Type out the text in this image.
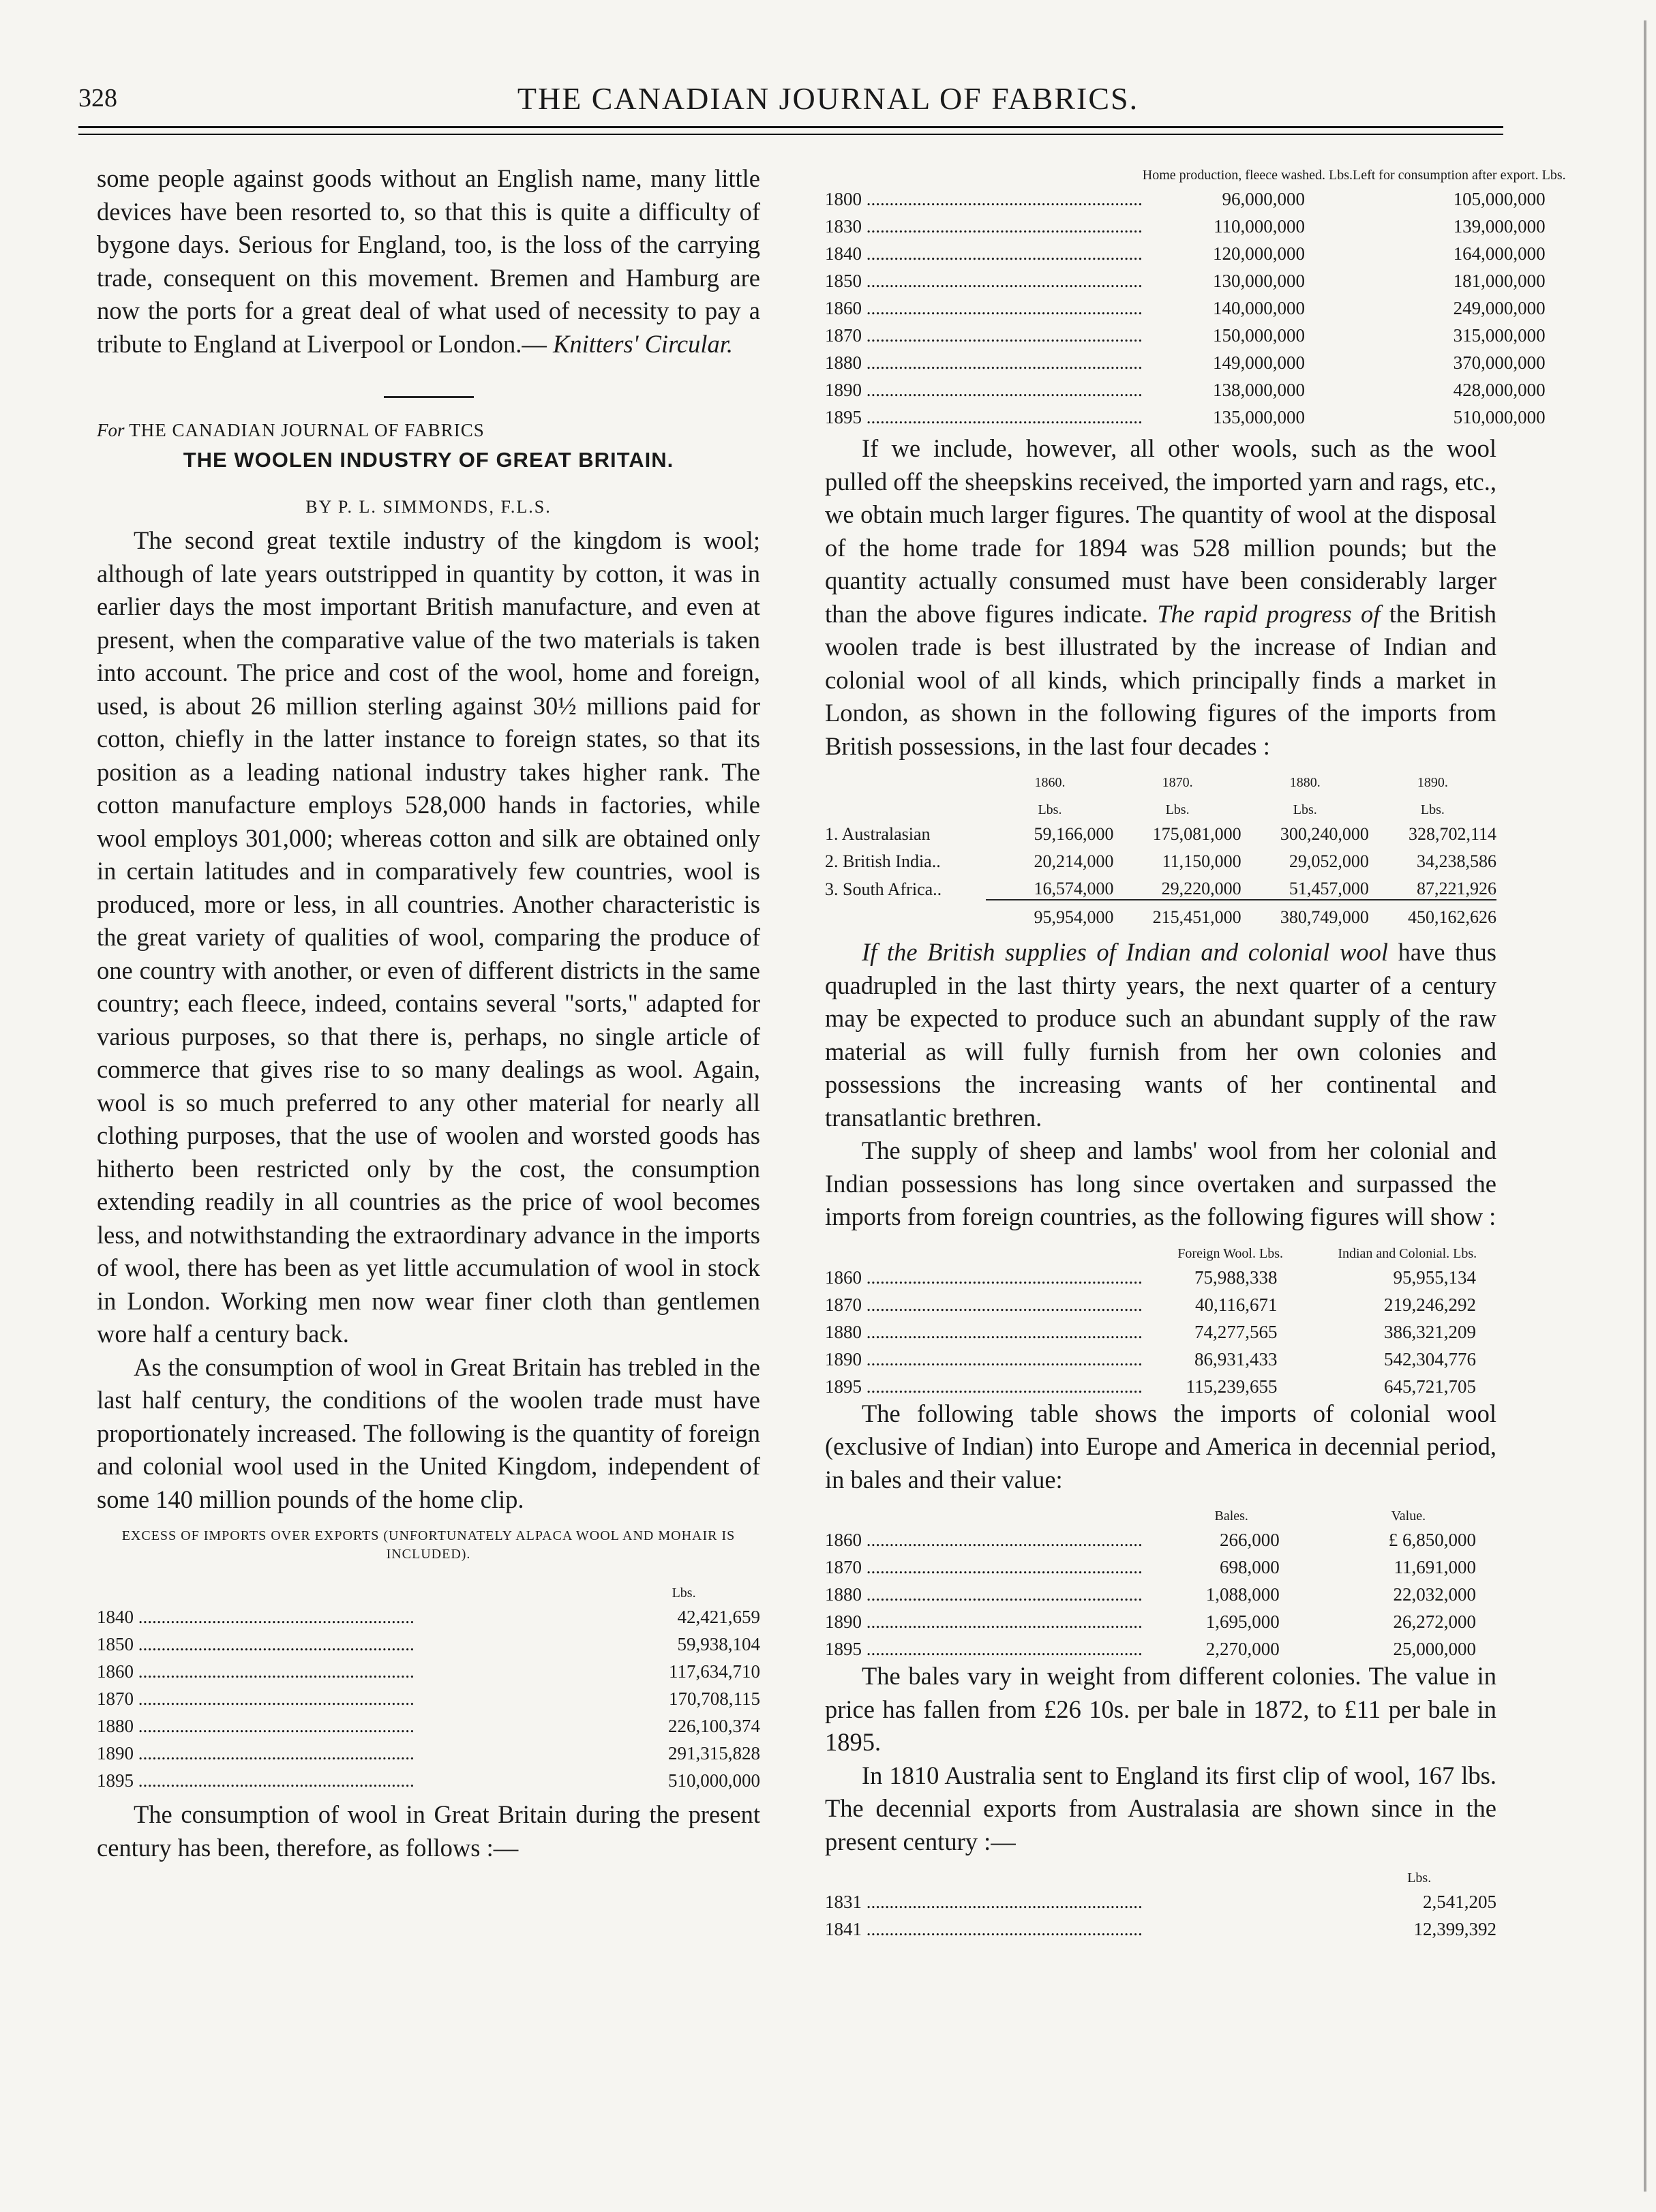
328	THE CANADIAN JOURNAL OF FABRICS.

some people against goods without an English name, many little devices have been resorted to, so that this is quite a difficulty of bygone days. Serious for England, too, is the loss of the carrying trade, consequent on this movement. Bremen and Hamburg are now the ports for a great deal of what used of necessity to pay a tribute to England at Liverpool or London.— Knitters' Circular.

For THE CANADIAN JOURNAL OF FABRICS

THE WOOLEN INDUSTRY OF GREAT BRITAIN.

BY P. L. SIMMONDS, F.L.S.

The second great textile industry of the kingdom is wool; although of late years outstripped in quantity by cotton, it was in earlier days the most important British manufacture, and even at present, when the comparative value of the two materials is taken into account. The price and cost of the wool, home and foreign, used, is about 26 million sterling against 30½ millions paid for cotton, chiefly in the latter instance to foreign states, so that its position as a leading national industry takes higher rank. The cotton manufacture employs 528,000 hands in factories, while wool employs 301,000; whereas cotton and silk are obtained only in certain latitudes and in comparatively few countries, wool is produced, more or less, in all countries. Another characteristic is the great variety of qualities of wool, comparing the produce of one country with another, or even of different districts in the same country; each fleece, indeed, contains several "sorts," adapted for various purposes, so that there is, perhaps, no single article of commerce that gives rise to so many dealings as wool. Again, wool is so much preferred to any other material for nearly all clothing purposes, that the use of woolen and worsted goods has hitherto been restricted only by the cost, the consumption extending readily in all countries as the price of wool becomes less, and notwithstanding the extraordinary advance in the imports of wool, there has been as yet little accumulation of wool in stock in London. Working men now wear finer cloth than gentlemen wore half a century back.

As the consumption of wool in Great Britain has trebled in the last half century, the conditions of the woolen trade must have proportionately increased. The following is the quantity of foreign and colonial wool used in the United Kingdom, independent of some 140 million pounds of the home clip.

EXCESS OF IMPORTS OVER EXPORTS (UNFORTUNATELY ALPACA WOOL AND MOHAIR IS INCLUDED).

	Lbs.
1840 ............................................................	42,421,659
1850 ............................................................	59,938,104
1860 ............................................................	117,634,710
1870 ............................................................	170,708,115
1880 ............................................................	226,100,374
1890 ............................................................	291,315,828
1895 ............................................................	510,000,000

The consumption of wool in Great Britain during the present century has been, therefore, as follows :—

	Home production, fleece washed. Lbs.	Left for consumption after export. Lbs.
1800 ............................................................	96,000,000	105,000,000
1830 ............................................................	110,000,000	139,000,000
1840 ............................................................	120,000,000	164,000,000
1850 ............................................................	130,000,000	181,000,000
1860 ............................................................	140,000,000	249,000,000
1870 ............................................................	150,000,000	315,000,000
1880 ............................................................	149,000,000	370,000,000
1890 ............................................................	138,000,000	428,000,000
1895 ............................................................	135,000,000	510,000,000

If we include, however, all other wools, such as the wool pulled off the sheepskins received, the imported yarn and rags, etc., we obtain much larger figures. The quantity of wool at the disposal of the home trade for 1894 was 528 million pounds; but the quantity actually consumed must have been considerably larger than the above figures indicate. The rapid progress of the British woolen trade is best illustrated by the increase of Indian and colonial wool of all kinds, which principally finds a market in London, as shown in the following figures of the imports from British possessions, in the last four decades :

	1860.	1870.	1880.	1890.
	Lbs.	Lbs.	Lbs.	Lbs.
1. Australasian	59,166,000	175,081,000	300,240,000	328,702,114
2. British India..	20,214,000	11,150,000	29,052,000	34,238,586
3. South Africa..	16,574,000	29,220,000	51,457,000	87,221,926
	95,954,000	215,451,000	380,749,000	450,162,626

If the British supplies of Indian and colonial wool have thus quadrupled in the last thirty years, the next quarter of a century may be expected to produce such an abundant supply of the raw material as will fully furnish from her own colonies and possessions the increasing wants of her continental and transatlantic brethren.

The supply of sheep and lambs' wool from her colonial and Indian possessions has long since overtaken and surpassed the imports from foreign countries, as the following figures will show :

	Foreign Wool. Lbs.	Indian and Colonial. Lbs.
1860 ............................................................	75,988,338	95,955,134
1870 ............................................................	40,116,671	219,246,292
1880 ............................................................	74,277,565	386,321,209
1890 ............................................................	86,931,433	542,304,776
1895 ............................................................	115,239,655	645,721,705

The following table shows the imports of colonial wool (exclusive of Indian) into Europe and America in decennial period, in bales and their value:

	Bales.	Value.
1860 ............................................................	266,000	£ 6,850,000
1870 ............................................................	698,000	11,691,000
1880 ............................................................	1,088,000	22,032,000
1890 ............................................................	1,695,000	26,272,000
1895 ............................................................	2,270,000	25,000,000

The bales vary in weight from different colonies. The value in price has fallen from £26 10s. per bale in 1872, to £11 per bale in 1895.

In 1810 Australia sent to England its first clip of wool, 167 lbs. The decennial exports from Australasia are shown since in the present century :—

	Lbs.
1831 ............................................................	2,541,205
1841 ............................................................	12,399,392
